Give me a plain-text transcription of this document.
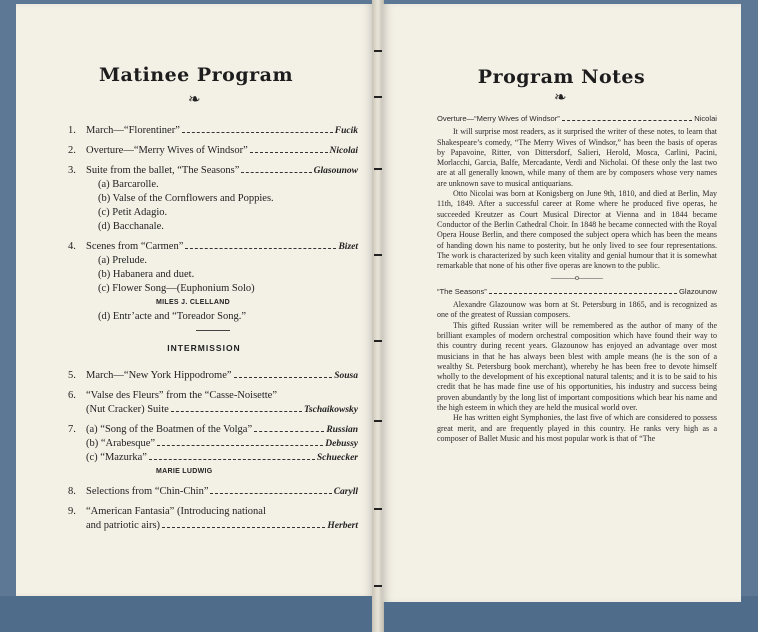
Matinee Program
❧
1. March—“Florentiner”	Fucik
2. Overture—“Merry Wives of Windsor”	Nicolai
3. Suite from the ballet, “The Seasons”	Glasounow
(a) Barcarolle.
(b) Valse of the Cornflowers and Poppies.
(c) Petit Adagio.
(d) Bacchanale.
4. Scenes from “Carmen”	Bizet
(a) Prelude.
(b) Habanera and duet.
(c) Flower Song—(Euphonium Solo)
MILES J. CLELLAND
(d) Entr’acte and “Toreador Song.”
INTERMISSION
5. March—“New York Hippodrome”	Sousa
6. “Valse des Fleurs” from the “Casse-Noisette”
(Nut Cracker) Suite	Tschaikowsky
7. (a) “Song of the Boatmen of the Volga”	Russian
(b) “Arabesque”	Debussy
(c) “Mazurka”	Schuecker
MARIE LUDWIG
8. Selections from “Chin-Chin”	Caryll
9. “American Fantasia” (Introducing national
and patriotic airs)	Herbert
Program Notes
❧
Overture—“Merry Wives of Windsor”	Nicolai

It will surprise most readers, as it surprised the writer of these notes, to learn that Shakespeare’s comedy, “The Merry Wives of Windsor,” has been the basis of operas by Papavoine, Ritter, von Dittersdorf, Salieri, Herold, Mosca, Carlini, Pacini, Morlacchi, Garcia, Balfe, Mercadante, Verdi and Nicholai. Of these only the last two are at all generally known, while many of them are by composers whose very names are unknown save to musical antiquarians.

Otto Nicolai was born at Konigsberg on June 9th, 1810, and died at Berlin, May 11th, 1849. After a successful career at Rome where he produced five operas, he succeeded Kreutzer as Court Musical Director at Vienna and in 1844 became Conductor of the Berlin Cathedral Choir. In 1848 he became connected with the Royal Opera House Berlin, and there composed the subject opera which has been the means of handing down his name to posterity, but he only lived to see four representations. The work is characterized by such keen vitality and genial humour that it is somewhat remarkable that none of his other five operas are known to the public.

———o———
“The Seasons”	Glazounow

Alexandre Glazounow was born at St. Petersburg in 1865, and is recognized as one of the greatest of Russian composers.

This gifted Russian writer will be remembered as the author of many of the brilliant examples of modern orchestral composition which have found their way to this country during recent years. Glazounow has enjoyed an advantage over most musicians in that he has always been blest with ample means (he is the son of a wealthy St. Petersburg book merchant), whereby he has been free to devote himself wholly to the development of his exceptional natural talents; and it is to be said to his credit that he has made fine use of his opportunities, his industry and success being proven abundantly by the long list of important compositions which bear his name and the high esteem in which they are held the musical world over.

He has written eight Symphonies, the last five of which are considered to possess great merit, and are frequently played in this country. He ranks very high as a composer of Ballet Music and his most popular work is that of “The
